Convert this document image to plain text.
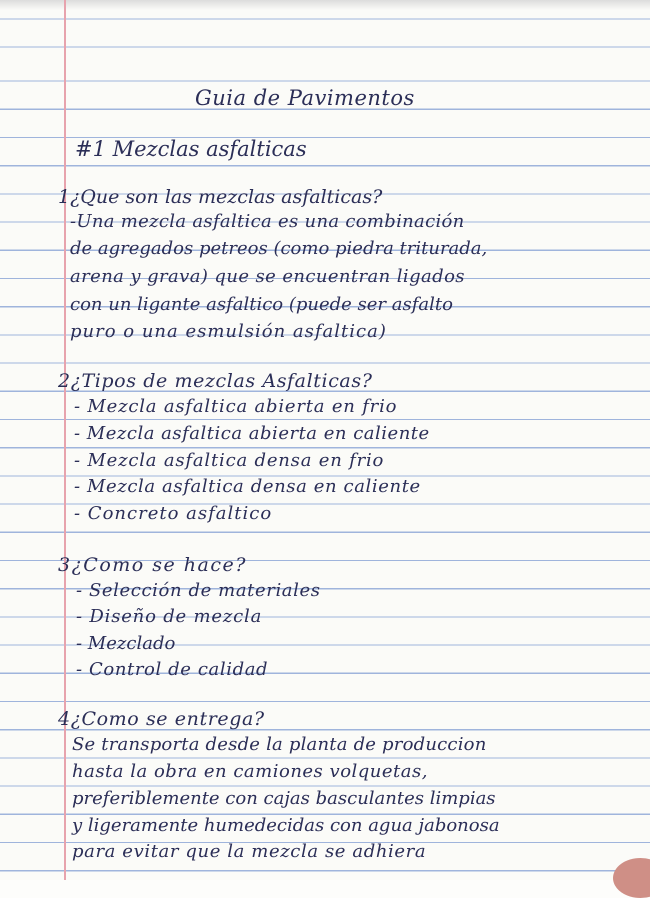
Guia de Pavimentos
#1 Mezclas asfalticas
1¿Que son las mezclas asfalticas?
-Una mezcla asfaltica es una combinación
de agregados petreos (como piedra triturada,
arena y grava) que se encuentran ligados
con un ligante asfaltico (puede ser asfalto
puro o una esmulsión asfaltica)
2¿Tipos de mezclas Asfalticas?
- Mezcla asfaltica abierta en frio
- Mezcla asfaltica abierta en caliente
- Mezcla asfaltica densa en frio
- Mezcla asfaltica densa en caliente
- Concreto asfaltico
3¿Como se hace?
- Selección de materiales
- Diseño de mezcla
- Mezclado
- Control de calidad
4¿Como se entrega?
Se transporta desde la planta de produccion
hasta la obra en camiones volquetas,
preferiblemente con cajas basculantes limpias
y ligeramente humedecidas con agua jabonosa
para evitar que la mezcla se adhiera
